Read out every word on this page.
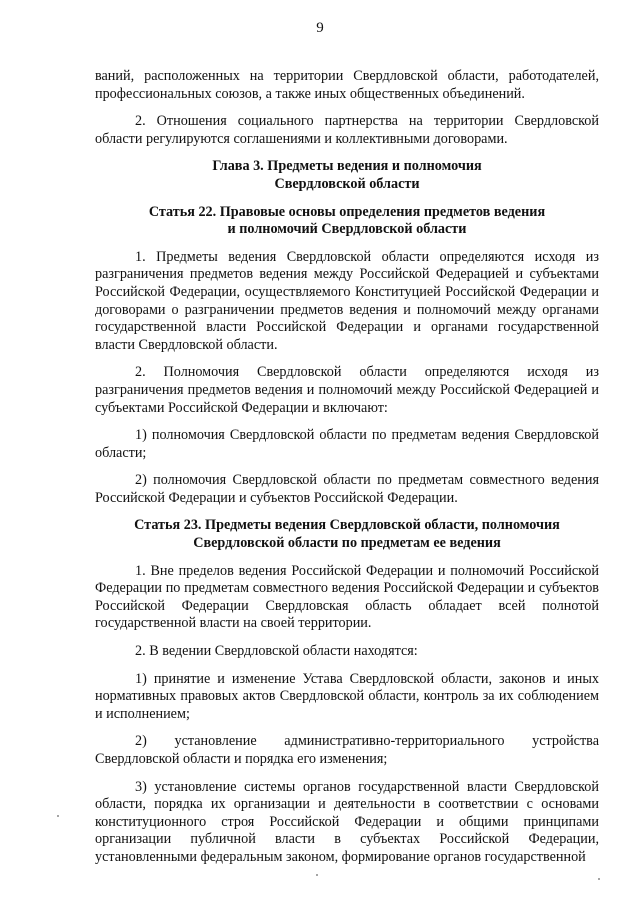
9

ваний, расположенных на территории Свердловской области, работодателей, профессиональных союзов, а также иных общественных объединений.

2. Отношения социального партнерства на территории Свердловской области регулируются соглашениями и коллективными договорами.

Глава 3. Предметы ведения и полномочия
Свердловской области
Статья 22. Правовые основы определения предметов ведения
и полномочий Свердловской области

1. Предметы ведения Свердловской области определяются исходя из разграничения предметов ведения между Российской Федерацией и субъектами Российской Федерации, осуществляемого Конституцией Российской Федерации и договорами о разграничении предметов ведения и полномочий между органами государственной власти Российской Федерации и органами государственной власти Свердловской области.

2. Полномочия Свердловской области определяются исходя из разграничения предметов ведения и полномочий между Российской Федерацией и субъектами Российской Федерации и включают:

1) полномочия Свердловской области по предметам ведения Свердловской области;

2) полномочия Свердловской области по предметам совместного ведения Российской Федерации и субъектов Российской Федерации.

Статья 23. Предметы ведения Свердловской области, полномочия
Свердловской области по предметам ее ведения

1. Вне пределов ведения Российской Федерации и полномочий Российской Федерации по предметам совместного ведения Российской Федерации и субъектов Российской Федерации Свердловская область обладает всей полнотой государственной власти на своей территории.

2. В ведении Свердловской области находятся:

1) принятие и изменение Устава Свердловской области, законов и иных нормативных правовых актов Свердловской области, контроль за их соблюдением и исполнением;

2) установление административно-территориального устройства Свердловской области и порядка его изменения;

3) установление системы органов государственной власти Свердловской области, порядка их организации и деятельности в соответствии с основами конституционного строя Российской Федерации и общими принципами организации публичной власти в субъектах Российской Федерации, установленными федеральным законом, формирование органов государственной
